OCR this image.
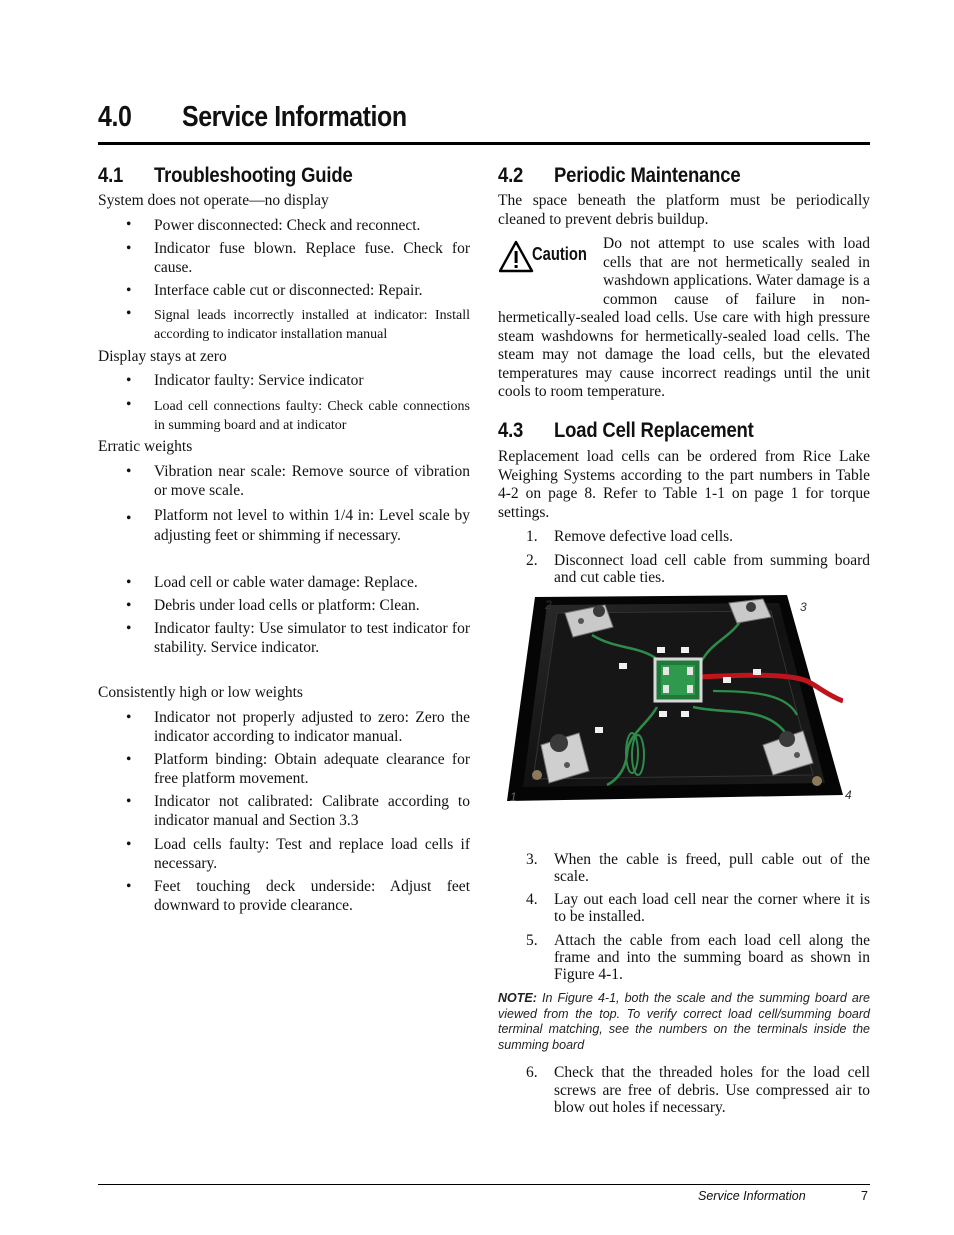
4.0 Service Information
4.1 Troubleshooting Guide
System does not operate—no display
• Power disconnected: Check and reconnect.
• Indicator fuse blown. Replace fuse. Check for cause.
• Interface cable cut or disconnected: Repair.
• Signal leads incorrectly installed at indicator: Install according to indicator installation manual
Display stays at zero
• Indicator faulty: Service indicator
• Load cell connections faulty: Check cable connections in summing board and at indicator
Erratic weights
• Vibration near scale: Remove source of vibration or move scale.
• Platform not level to within 1/4 in: Level scale by adjusting feet or shimming if necessary.
• Load cell or cable water damage: Replace.
• Debris under load cells or platform: Clean.
• Indicator faulty: Use simulator to test indicator for stability. Service indicator.
Consistently high or low weights
• Indicator not properly adjusted to zero: Zero the indicator according to indicator manual.
• Platform binding: Obtain adequate clearance for free platform movement.
• Indicator not calibrated: Calibrate according to indicator manual and Section 3.3
• Load cells faulty: Test and replace load cells if necessary.
• Feet touching deck underside: Adjust feet downward to provide clearance.
4.2 Periodic Maintenance
The space beneath the platform must be periodically cleaned to prevent debris buildup.
Caution
Do not attempt to use scales with load cells that are not hermetically sealed in washdown applications. Water damage is a common cause of failure in non-hermetically-sealed load cells. Use care with high pressure steam washdowns for hermetically-sealed load cells. The steam may not damage the load cells, but the elevated temperatures may cause incorrect readings until the unit cools to room temperature.
4.3 Load Cell Replacement
Replacement load cells can be ordered from Rice Lake Weighing Systems according to the part numbers in Table 4-2 on page 8. Refer to Table 1-1 on page 1 for torque settings.
1. Remove defective load cells.
2. Disconnect load cell cable from summing board and cut cable ties.
2	3
1	4
3. When the cable is freed, pull cable out of the scale.
4. Lay out each load cell near the corner where it is to be installed.
5. Attach the cable from each load cell along the frame and into the summing board as shown in Figure 4-1.
NOTE: In Figure 4-1, both the scale and the summing board are viewed from the top. To verify correct load cell/summing board terminal matching, see the numbers on the terminals inside the summing board
6. Check that the threaded holes for the load cell screws are free of debris. Use compressed air to blow out holes if necessary.
Service Information	7
